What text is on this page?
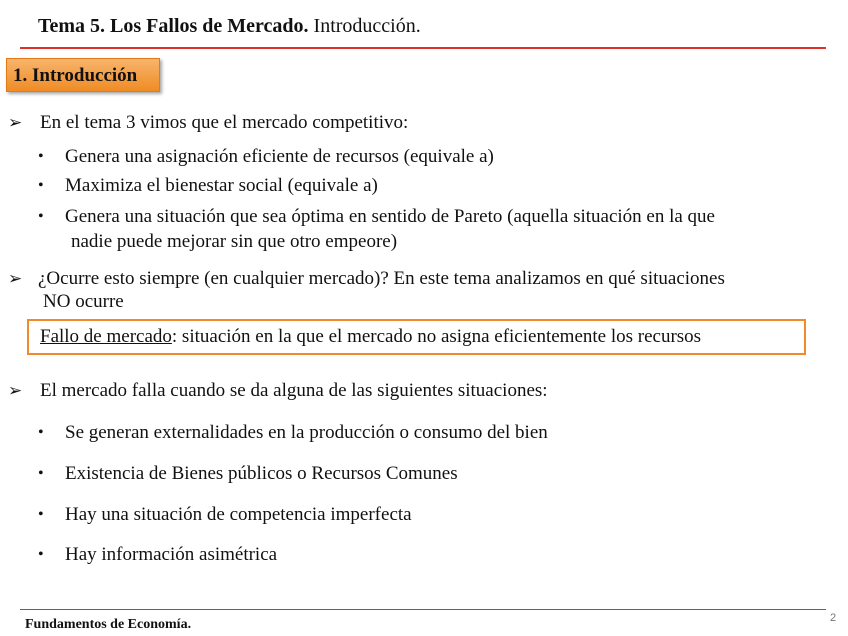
Tema 5. Los Fallos de Mercado. Introducción.
1. Introducción
➢ En el tema 3 vimos que el mercado competitivo:
• Genera una asignación eficiente de recursos (equivale a)
• Maximiza el bienestar social (equivale a)
• Genera una situación que sea óptima en sentido de Pareto (aquella situación en la que
nadie puede mejorar sin que otro empeore)
➢ ¿Ocurre esto siempre (en cualquier mercado)? En este tema analizamos en qué situaciones
NO ocurre
Fallo de mercado: situación en la que el mercado no asigna eficientemente los recursos
➢ El mercado falla cuando se da alguna de las siguientes situaciones:
• Se generan externalidades en la producción o consumo del bien
• Existencia de Bienes públicos o Recursos Comunes
• Hay una situación de competencia imperfecta
• Hay información asimétrica
Fundamentos de Economía.	2
